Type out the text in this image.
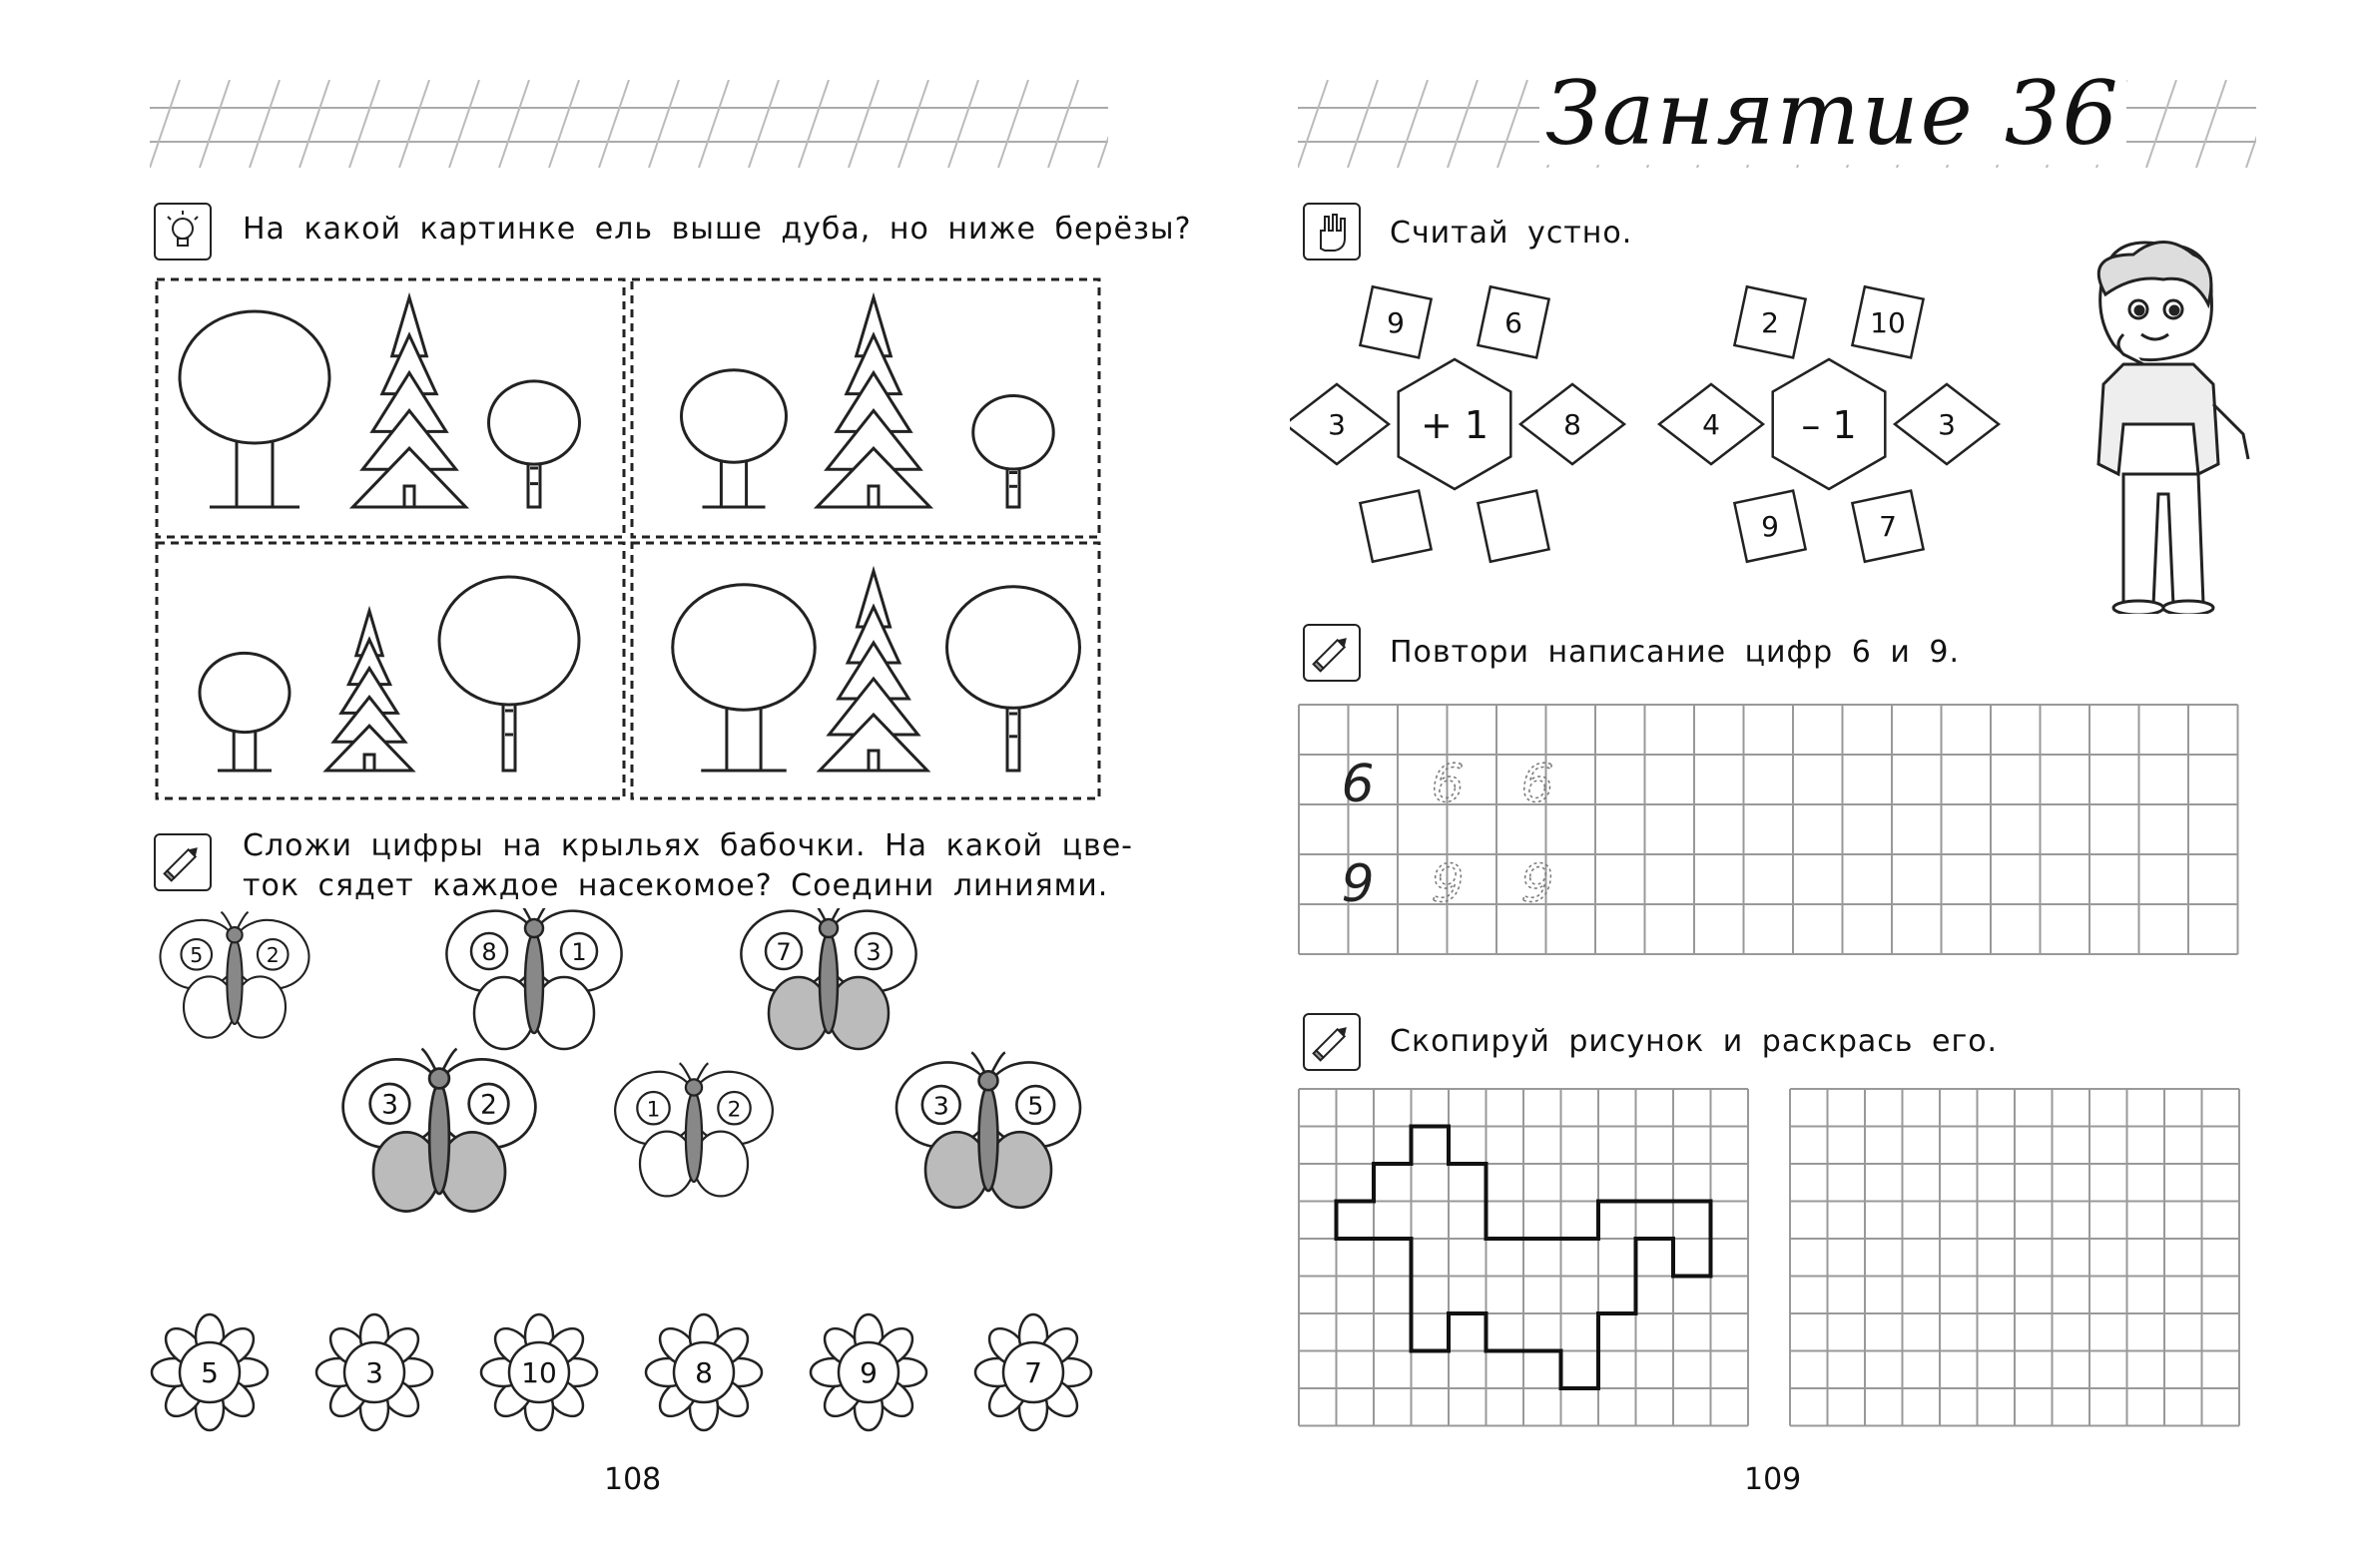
На какой картинке ель выше дуба, но ниже берёзы?
Сложи цифры на крыльях бабочки. На какой цве-
ток сядет каждое насекомое? Соедини линиями.
5	2	8	1	7	3
3	2	1	2	3	5
5	3	10	8	9	7
108
Занятие 36
Считай устно.
9	6
8
3 + 1
2	10
3
7
9
4 – 1
Повтори написание цифр 6 и 9.
6 6 6
9 9 9
Скопируй рисунок и раскрась его.
109
